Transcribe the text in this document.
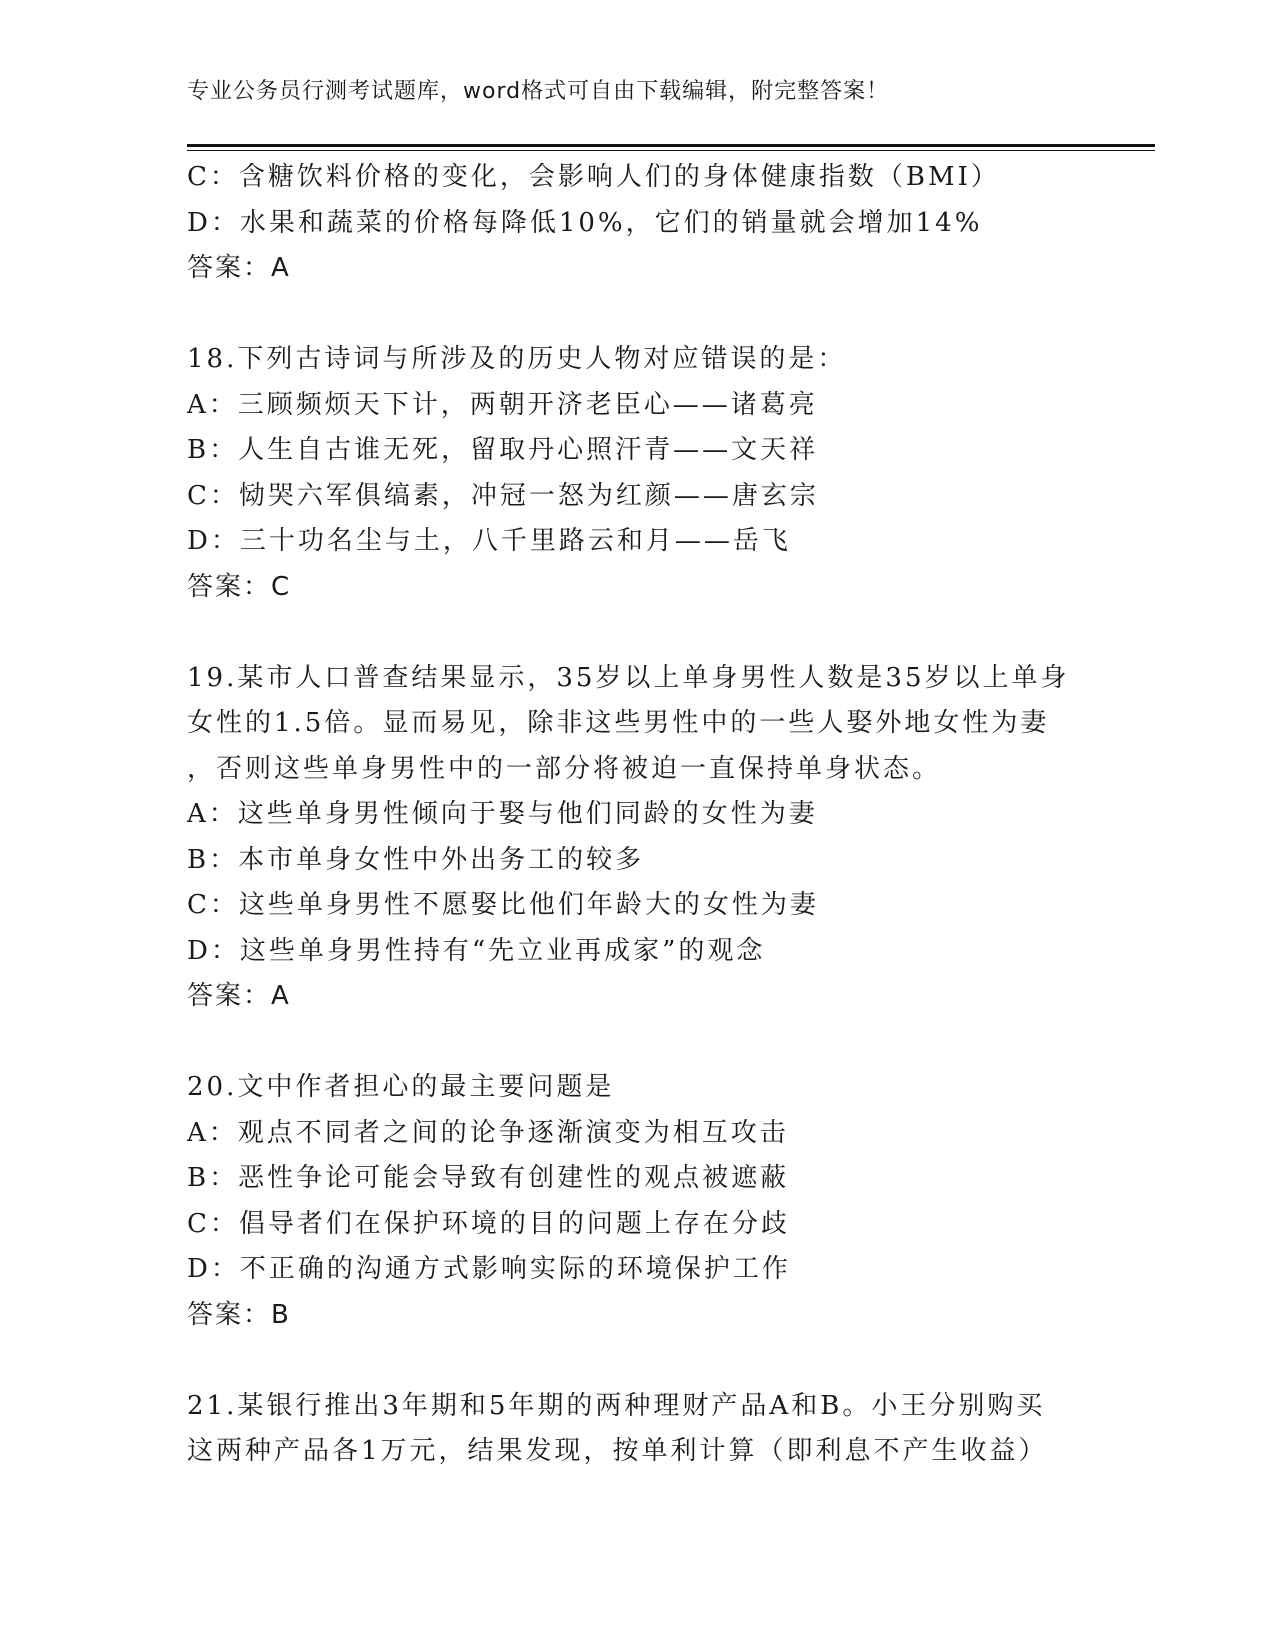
专业公务员行测考试题库，word格式可自由下载编辑，附完整答案！
C：含糖饮料价格的变化，会影响人们的身体健康指数（BMI）
D：水果和蔬菜的价格每降低10%，它们的销量就会增加14%
答案：A
18.下列古诗词与所涉及的历史人物对应错误的是：
A：三顾频烦天下计，两朝开济老臣心——诸葛亮
B：人生自古谁无死，留取丹心照汗青——文天祥
C：恸哭六军俱缟素，冲冠一怒为红颜——唐玄宗
D：三十功名尘与土，八千里路云和月——岳飞
答案：C
19.某市人口普查结果显示，35岁以上单身男性人数是35岁以上单身
女性的1.5倍。显而易见，除非这些男性中的一些人娶外地女性为妻
，否则这些单身男性中的一部分将被迫一直保持单身状态。
A：这些单身男性倾向于娶与他们同龄的女性为妻
B：本市单身女性中外出务工的较多
C：这些单身男性不愿娶比他们年龄大的女性为妻
D：这些单身男性持有“先立业再成家”的观念
答案：A
20.文中作者担心的最主要问题是
A：观点不同者之间的论争逐渐演变为相互攻击
B：恶性争论可能会导致有创建性的观点被遮蔽
C：倡导者们在保护环境的目的问题上存在分歧
D：不正确的沟通方式影响实际的环境保护工作
答案：B
21.某银行推出3年期和5年期的两种理财产品A和B。小王分别购买
这两种产品各1万元，结果发现，按单利计算（即利息不产生收益）
